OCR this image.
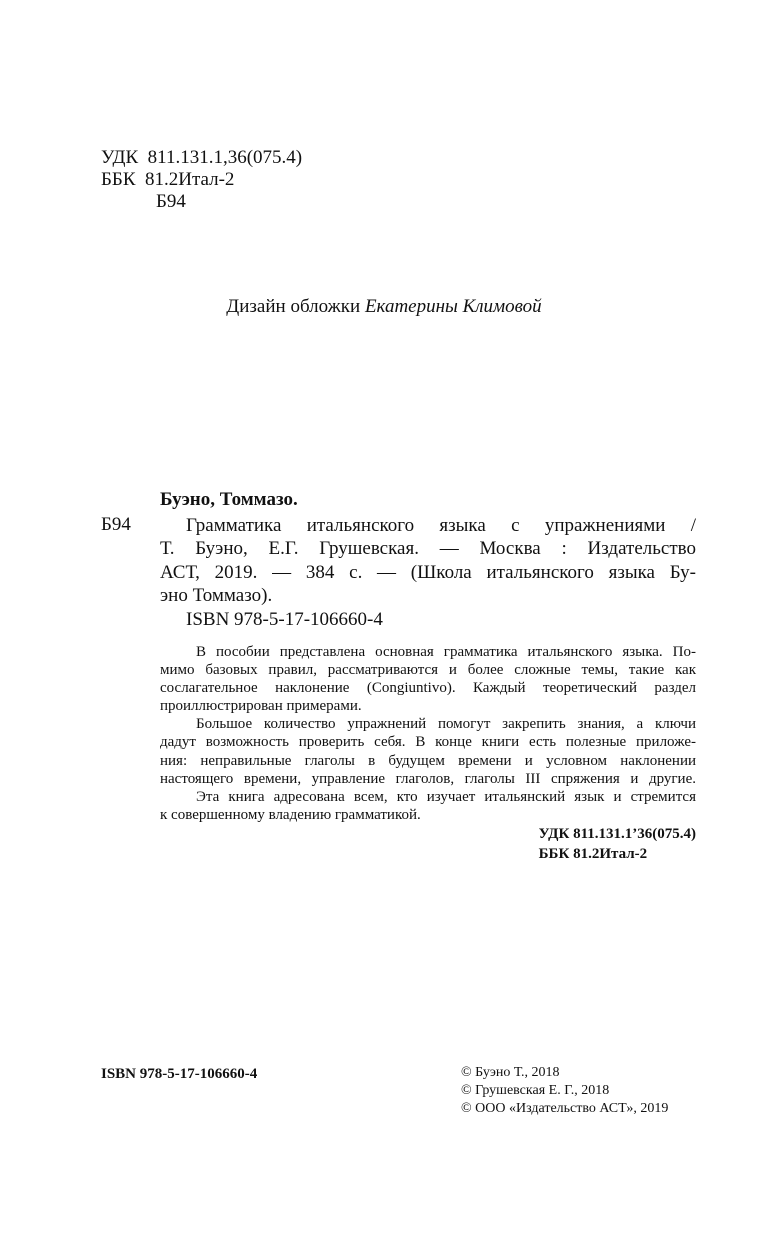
УДК 811.131.1,36(075.4)
ББК 81.2Итал-2
Б94
Дизайн обложки Екатерины Климовой
Буэно, Томмазо.
Б94	Грамматика итальянского языка с упражнениями /
Т. Буэно, Е.Г. Грушевская. — Москва : Издательство
АСТ, 2019. — 384 с. — (Школа итальянского языка Бу-
эно Томмазо).
ISBN 978-5-17-106660-4
В пособии представлена основная грамматика итальянского языка. По-
мимо базовых правил, рассматриваются и более сложные темы, такие как
сослагательное наклонение (Congiuntivo). Каждый теоретический раздел
проиллюстрирован примерами.
Большое количество упражнений помогут закрепить знания, а ключи
дадут возможность проверить себя. В конце книги есть полезные приложе-
ния: неправильные глаголы в будущем времени и условном наклонении
настоящего времени, управление глаголов, глаголы III спряжения и другие.
Эта книга адресована всем, кто изучает итальянский язык и стремится
к совершенному владению грамматикой.
УДК 811.131.1’36(075.4)
ББК 81.2Итал-2
ISBN 978-5-17-106660-4	© Буэно Т., 2018
© Грушевская Е. Г., 2018
© ООО «Издательство АСТ», 2019
